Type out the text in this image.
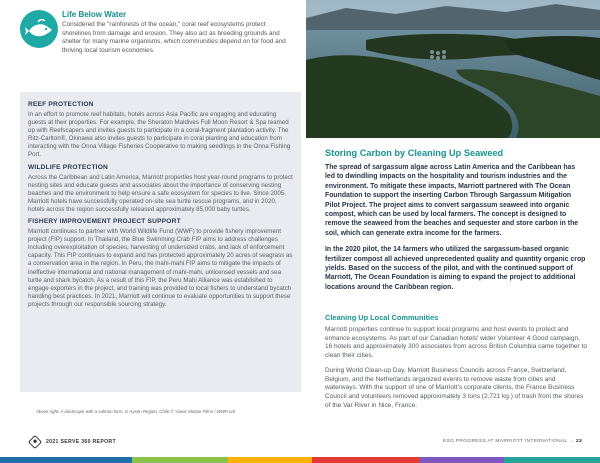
Life Below Water
Considered the "rainforests of the ocean," coral reef ecosystems protect shorelines from damage and erosion. They also act as breeding grounds and shelter for many marine organisms, which communities depend on for food and thriving local tourism economies.
REEF PROTECTION
In an effort to promote reef habitats, hotels across Asia Pacific are engaging and educating guests at their properties. For example, the Sheraton Maldives Full Moon Resort & Spa teamed up with Reefscapers and invites guests to participate in a coral-fragment plantation activity. The Ritz-Carlton®, Okinawa also invites guests to participate in coral planting and education from interacting with the Onna Village Fisheries Cooperative to making seedlings in the Onna Fishing Port.
WILDLIFE PROTECTION
Across the Caribbean and Latin America, Marriott properties host year-round programs to protect nesting sites and educate guests and associates about the importance of conserving nesting beaches and the environment to help ensure a safe ecosystem for species to live. Since 2005, Marriott hotels have successfully operated on-site sea turtle rescue programs, and in 2020, hotels across the region successfully released approximately 85,000 baby turtles.
FISHERY IMPROVEMENT PROJECT SUPPORT
Marriott continues to partner with World Wildlife Fund (WWF) to provide fishery improvement project (FIP) support. In Thailand, the Blue Swimming Crab FIP aims to address challenges including overexploitation of species, harvesting of undersized crabs, and lack of enforcement capacity. This FIP continues to expand and has protected approximately 20 acres of seagrass as a conservation area in the region. In Peru, the mahi-mahi FIP aims to mitigate the impacts of ineffective international and national management of mahi-mahi, unlicensed vessels and sea turtle and shark bycatch. As a result of this FIP, the Peru Mahi Alliance was established to engage exporters in the project, and training was provided to local fishers to understand bycatch handling best practices. In 2021, Marriott will continue to evaluate opportunities to support these projects through our responsible sourcing strategy.
Above right: A landscape with a salmon farm, in Aysén Region, Chile © Yawar Motion Films / WWF-US
Storing Carbon by Cleaning Up Seaweed
The spread of sargassum algae across Latin America and the Caribbean has led to dwindling impacts on the hospitality and tourism industries and the environment. To mitigate these impacts, Marriott partnered with The Ocean Foundation to support the inserting Carbon Through Sargassum Mitigation Pilot Project. The project aims to convert sargassum seaweed into organic compost, which can be used by local farmers. The concept is designed to remove the seaweed from the beaches and sequester and store carbon in the soil, which can generate extra income for the farmers.
In the 2020 pilot, the 14 farmers who utilized the sargassum-based organic fertilizer compost all achieved unprecedented quality and quantity organic crop yields. Based on the success of the pilot, and with the continued support of Marriott, The Ocean Foundation is aiming to expand the project to additional locations around the Caribbean region.
Cleaning Up Local Communities
Marriott properties continue to support local programs and host events to protect and enhance ecosystems. As part of our Canadian hotels' wider Volunteer 4 Good campaign, 16 hotels and approximately 300 associates from across British Columbia came together to clean their cities.
During World Clean-up Day, Marriott Business Councils across France, Switzerland, Belgium, and the Netherlands organized events to remove waste from cities and waterways. With the support of one of Marriott's corporate clients, the France Business Council and volunteers removed approximately 3 tons (2,721 kg.) of trash from the shores of the Var River in Nice, France.
2021 SERVE 360 REPORT	ESG PROGRESS AT MARRIOTT INTERNATIONAL → 23
